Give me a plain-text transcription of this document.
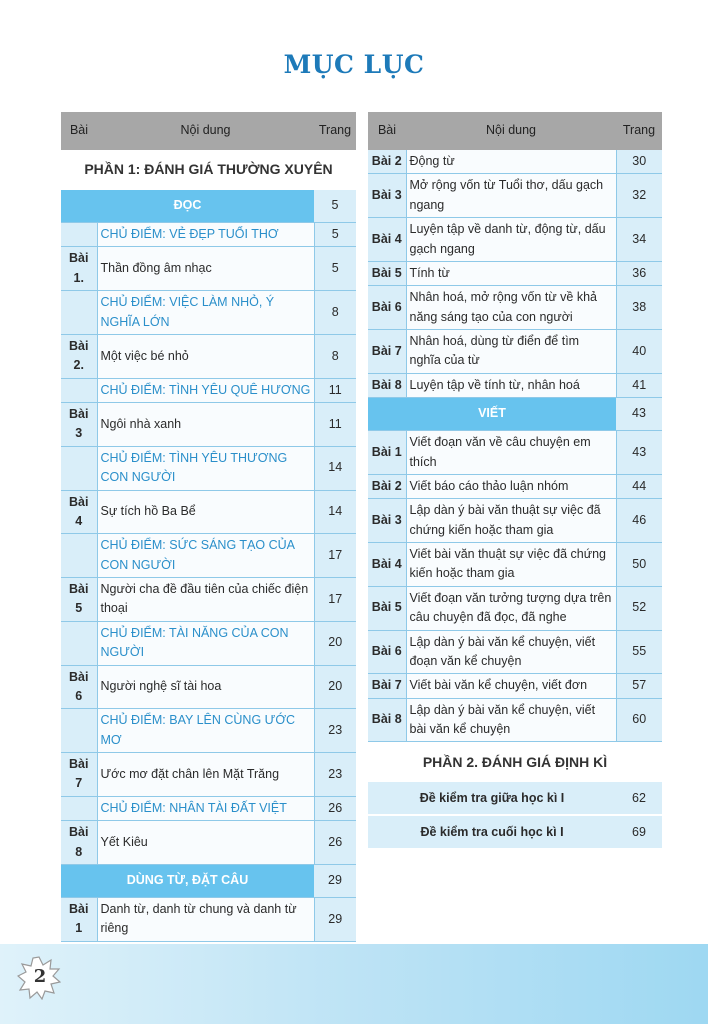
MỤC LỤC
Bài	Nội dung	Trang
PHẦN 1: ĐÁNH GIÁ THƯỜNG XUYÊN		
ĐỌC		5
	CHỦ ĐIỂM: VẺ ĐẸP TUỔI THƠ	5
Bài 1.	Thần đồng âm nhạc	5
	CHỦ ĐIỂM: VIỆC LÀM NHỎ, Ý NGHĨA LỚN	8
Bài 2.	Một việc bé nhỏ	8
	CHỦ ĐIỂM: TÌNH YÊU QUÊ HƯƠNG	11
Bài 3	Ngôi nhà xanh	11
	CHỦ ĐIỂM: TÌNH YÊU THƯƠNG CON NGƯỜI	14
Bài 4	Sự tích hồ Ba Bể	14
	CHỦ ĐIỂM: SỨC SÁNG TẠO CỦA CON NGƯỜI	17
Bài 5	Người cha đề đầu tiên của chiếc điện thoại	17
	CHỦ ĐIỂM: TÀI NĂNG CỦA CON NGƯỜI	20
Bài 6	Người nghệ sĩ tài hoa	20
	CHỦ ĐIỂM: BAY LÊN CÙNG ƯỚC MƠ	23
Bài 7	Ước mơ đặt chân lên Mặt Trăng	23
	CHỦ ĐIỂM: NHÂN TÀI ĐẤT VIỆT	26
Bài 8	Yết Kiêu	26
DÙNG TỪ, ĐẶT CÂU		29
Bài 1	Danh từ, danh từ chung và danh từ riêng	29
Bài	Nội dung	Trang
Bài 2	Động từ	30
Bài 3	Mở rộng vốn từ Tuổi thơ, dấu gạch ngang	32
Bài 4	Luyện tập về danh từ, động từ, dấu gạch ngang	34
Bài 5	Tính từ	36
Bài 6	Nhân hoá, mở rộng vốn từ về khả năng sáng tạo của con người	38
Bài 7	Nhân hoá, dùng từ điển để tìm nghĩa của từ	40
Bài 8	Luyện tập về tính từ, nhân hoá	41
VIẾT		43
Bài 1	Viết đoạn văn về câu chuyện em thích	43
Bài 2	Viết báo cáo thảo luận nhóm	44
Bài 3	Lập dàn ý bài văn thuật sự việc đã chứng kiến hoặc tham gia	46
Bài 4	Viết bài văn thuật sự việc đã chứng kiến hoặc tham gia	50
Bài 5	Viết đoạn văn tưởng tượng dựa trên câu chuyện đã đọc, đã nghe	52
Bài 6	Lập dàn ý bài văn kể chuyện, viết đoạn văn kể chuyện	55
Bài 7	Viết bài văn kể chuyện, viết đơn	57
Bài 8	Lập dàn ý bài văn kể chuyện, viết bài văn kể chuyện	60
PHẦN 2. ĐÁNH GIÁ ĐỊNH KÌ		
Đề kiểm tra giữa học kì I		62
Đề kiểm tra cuối học kì I		69
2
